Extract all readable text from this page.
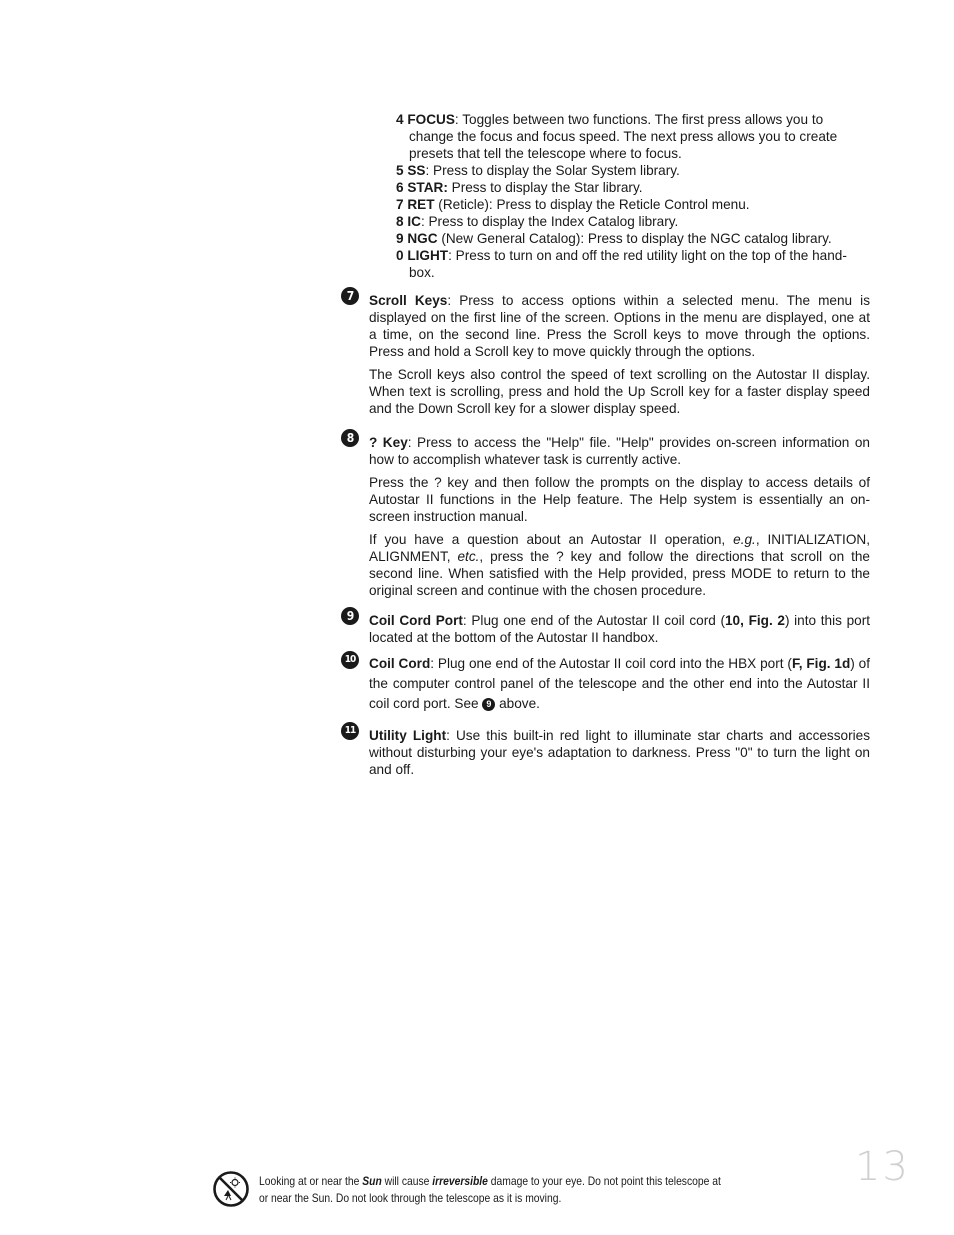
4 FOCUS: Toggles between two functions. The first press allows you to change the focus and focus speed. The next press allows you to create presets that tell the telescope where to focus.
5 SS: Press to display the Solar System library.
6 STAR: Press to display the Star library.
7 RET (Reticle): Press to display the Reticle Control menu.
8 IC: Press to display the Index Catalog library.
9 NGC (New General Catalog): Press to display the NGC catalog library.
0 LIGHT: Press to turn on and off the red utility light on the top of the hand-box.
7	Scroll Keys: Press to access options within a selected menu. The menu is displayed on the first line of the screen. Options in the menu are displayed, one at a time, on the second line. Press the Scroll keys to move through the options. Press and hold a Scroll key to move quickly through the options.

The Scroll keys also control the speed of text scrolling on the Autostar II display. When text is scrolling, press and hold the Up Scroll key for a faster display speed and the Down Scroll key for a slower display speed.

8	? Key: Press to access the "Help" file. "Help" provides on-screen information on how to accomplish whatever task is currently active.

Press the ? key and then follow the prompts on the display to access details of Autostar II functions in the Help feature. The Help system is essentially an on-screen instruction manual.

If you have a question about an Autostar II operation, e.g., INITIALIZATION, ALIGNMENT, etc., press the ? key and follow the directions that scroll on the second line. When satisfied with the Help provided, press MODE to return to the original screen and continue with the chosen procedure.

9	Coil Cord Port: Plug one end of the Autostar II coil cord (10, Fig. 2) into this port located at the bottom of the Autostar II handbox.

10 Coil Cord: Plug one end of the Autostar II coil cord into the HBX port (F, Fig. 1d) of the computer control panel of the telescope and the other end into the Autostar II coil cord port. See 9 above.

11 Utility Light: Use this built-in red light to illuminate star charts and accessories without disturbing your eye's adaptation to darkness. Press "0" to turn the light on and off.

13
Looking at or near the Sun will cause irreversible damage to your eye. Do not point this telescope at or near the Sun. Do not look through the telescope as it is moving.
